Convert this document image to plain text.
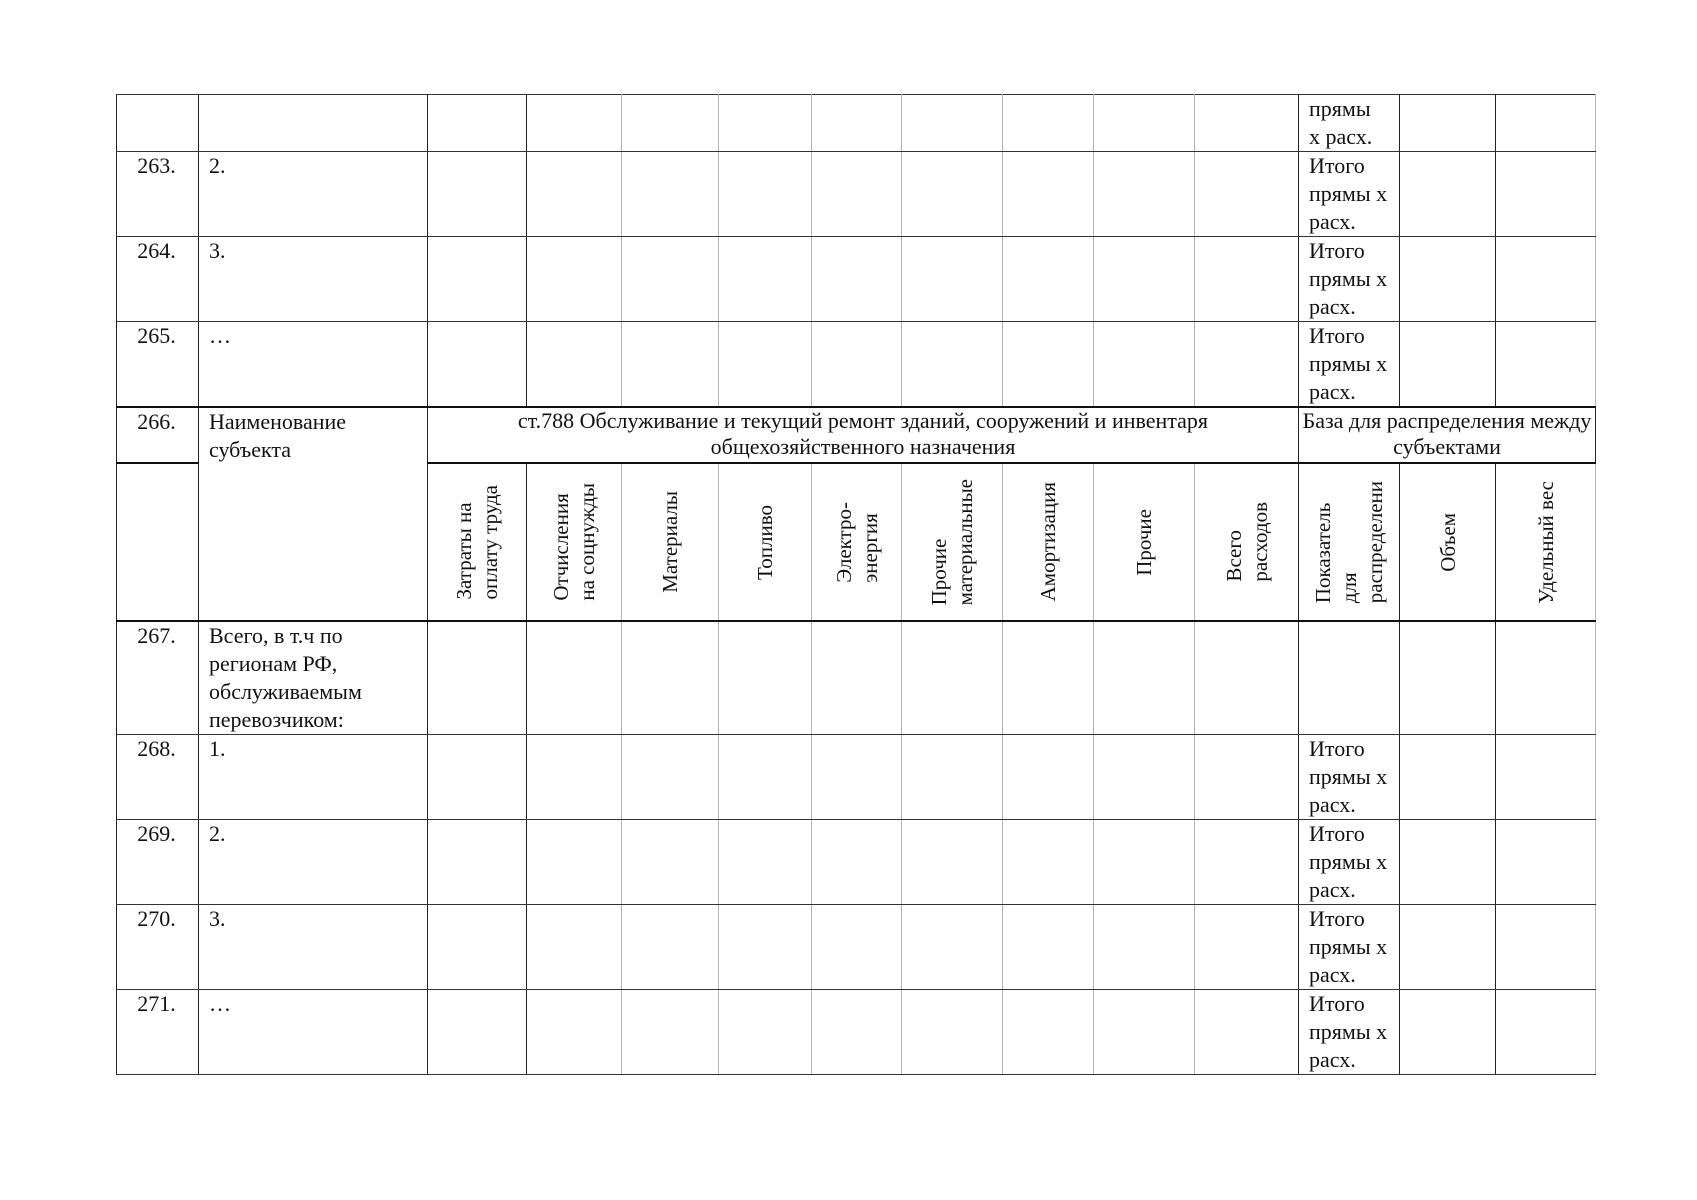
											прямы
х расх.		

263.	2.										Итого прямы х расх.		
264.	3.										Итого прямы х расх.		
265.	…										Итого прямы х расх.		
266.	Наименование субъекта	ст.788 Обслуживание и текущий ремонт зданий, сооружений и инвентаря общехозяйственного назначения									База для распределения между субъектами		

		Затраты на
оплату труда	Отчисления
на соцнужды	Материалы	Топливо	Электро-
энергия	Прочие
материальные	Амортизация	Прочие	Всего
расходов	Показатель
для
распределени	Объем	Удельный вес

267.	Всего, в т.ч по регионам РФ, обслуживаемым перевозчиком:												
268.	1.										Итого прямы х расх.		
269.	2.										Итого прямы х расх.		
270.	3.										Итого прямы х расх.		
271.	…										Итого прямы х расх.		
